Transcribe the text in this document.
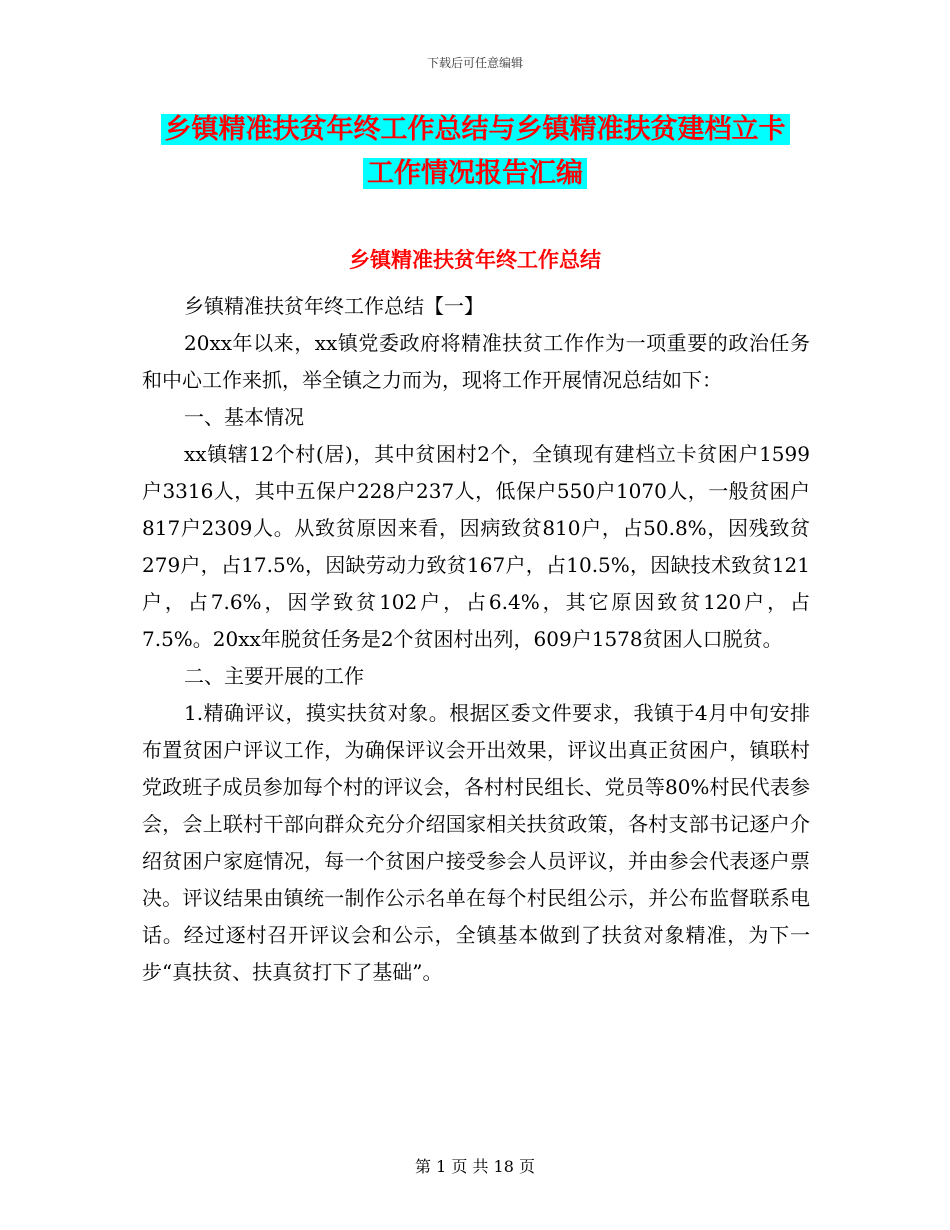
下载后可任意编辑
乡镇精准扶贫年终工作总结与乡镇精准扶贫建档立卡
工作情况报告汇编
乡镇精准扶贫年终工作总结

乡镇精准扶贫年终工作总结【一】

20xx年以来，xx镇党委政府将精准扶贫工作作为一项重要的政治任务和中心工作来抓，举全镇之力而为，现将工作开展情况总结如下：

一、基本情况

xx镇辖12个村(居)，其中贫困村2个，全镇现有建档立卡贫困户1599户3316人，其中五保户228户237人，低保户550户1070人，一般贫困户817户2309人。从致贫原因来看，因病致贫810户，占50.8%，因残致贫279户，占17.5%，因缺劳动力致贫167户，占10.5%，因缺技术致贫121户，占7.6%，因学致贫102户，占6.4%，其它原因致贫120户，占7.5%。20xx年脱贫任务是2个贫困村出列，609户1578贫困人口脱贫。

二、主要开展的工作

1.精确评议，摸实扶贫对象。根据区委文件要求，我镇于4月中旬安排布置贫困户评议工作，为确保评议会开出效果，评议出真正贫困户，镇联村党政班子成员参加每个村的评议会，各村村民组长、党员等80%村民代表参会，会上联村干部向群众充分介绍国家相关扶贫政策，各村支部书记逐户介绍贫困户家庭情况，每一个贫困户接受参会人员评议，并由参会代表逐户票决。评议结果由镇统一制作公示名单在每个村民组公示，并公布监督联系电话。经过逐村召开评议会和公示，全镇基本做到了扶贫对象精准，为下一步“真扶贫、扶真贫打下了基础”。

第 1 页 共 18 页
